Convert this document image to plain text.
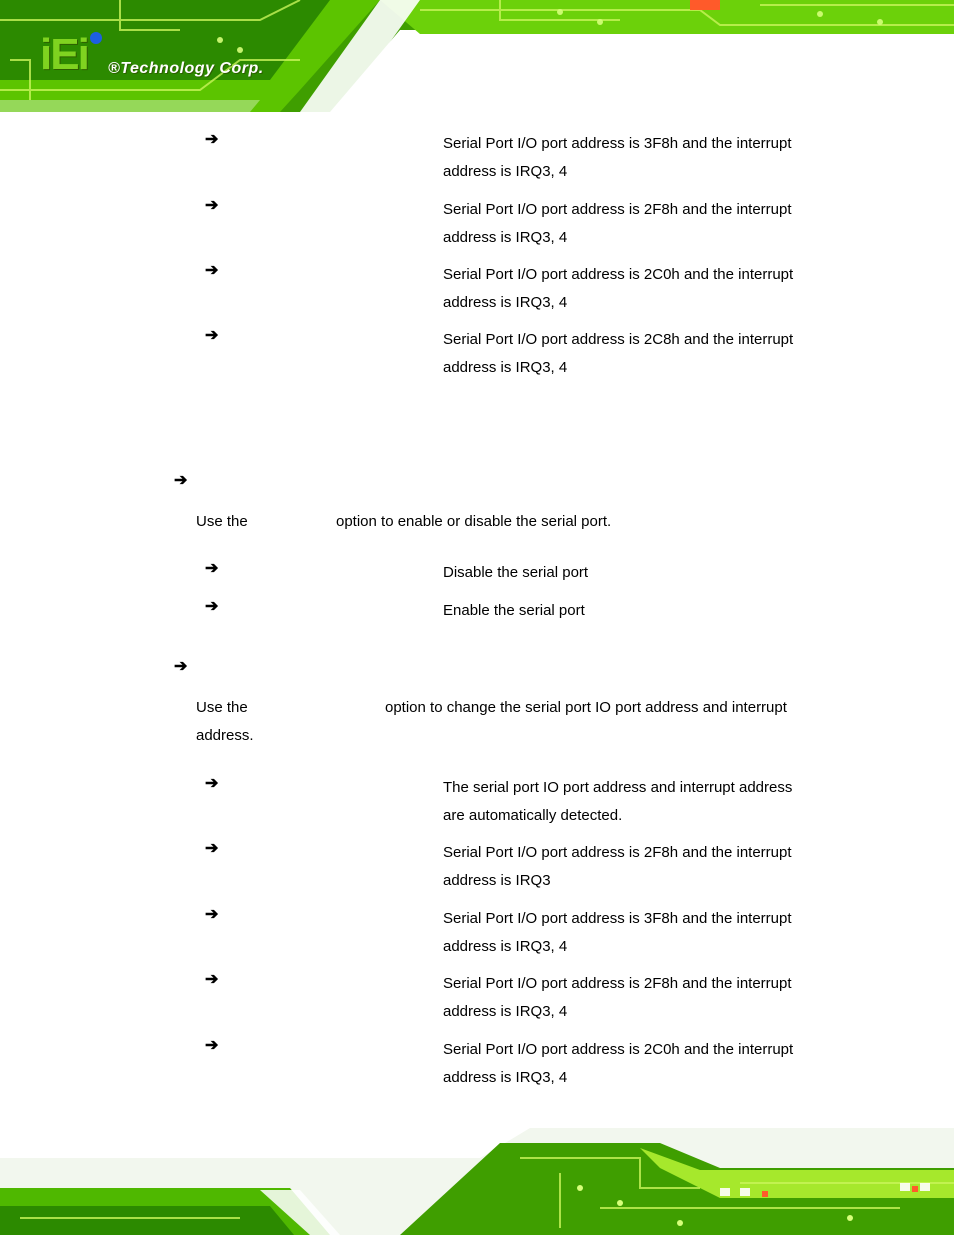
iEi ®Technology Corp.
➔	Serial Port I/O port address is 3F8h and the interrupt
address is IRQ3, 4
➔	Serial Port I/O port address is 2F8h and the interrupt
address is IRQ3, 4
➔	Serial Port I/O port address is 2C0h and the interrupt
address is IRQ3, 4
➔	Serial Port I/O port address is 2C8h and the interrupt
address is IRQ3, 4
➔
Use the	option to enable or disable the serial port.
➔	Disable the serial port
➔	Enable the serial port
➔
Use the	option to change the serial port IO port address and interrupt
address.
➔	The serial port IO port address and interrupt address
are automatically detected.
➔	Serial Port I/O port address is 2F8h and the interrupt
address is IRQ3
➔	Serial Port I/O port address is 3F8h and the interrupt
address is IRQ3, 4
➔	Serial Port I/O port address is 2F8h and the interrupt
address is IRQ3, 4
➔	Serial Port I/O port address is 2C0h and the interrupt
address is IRQ3, 4
